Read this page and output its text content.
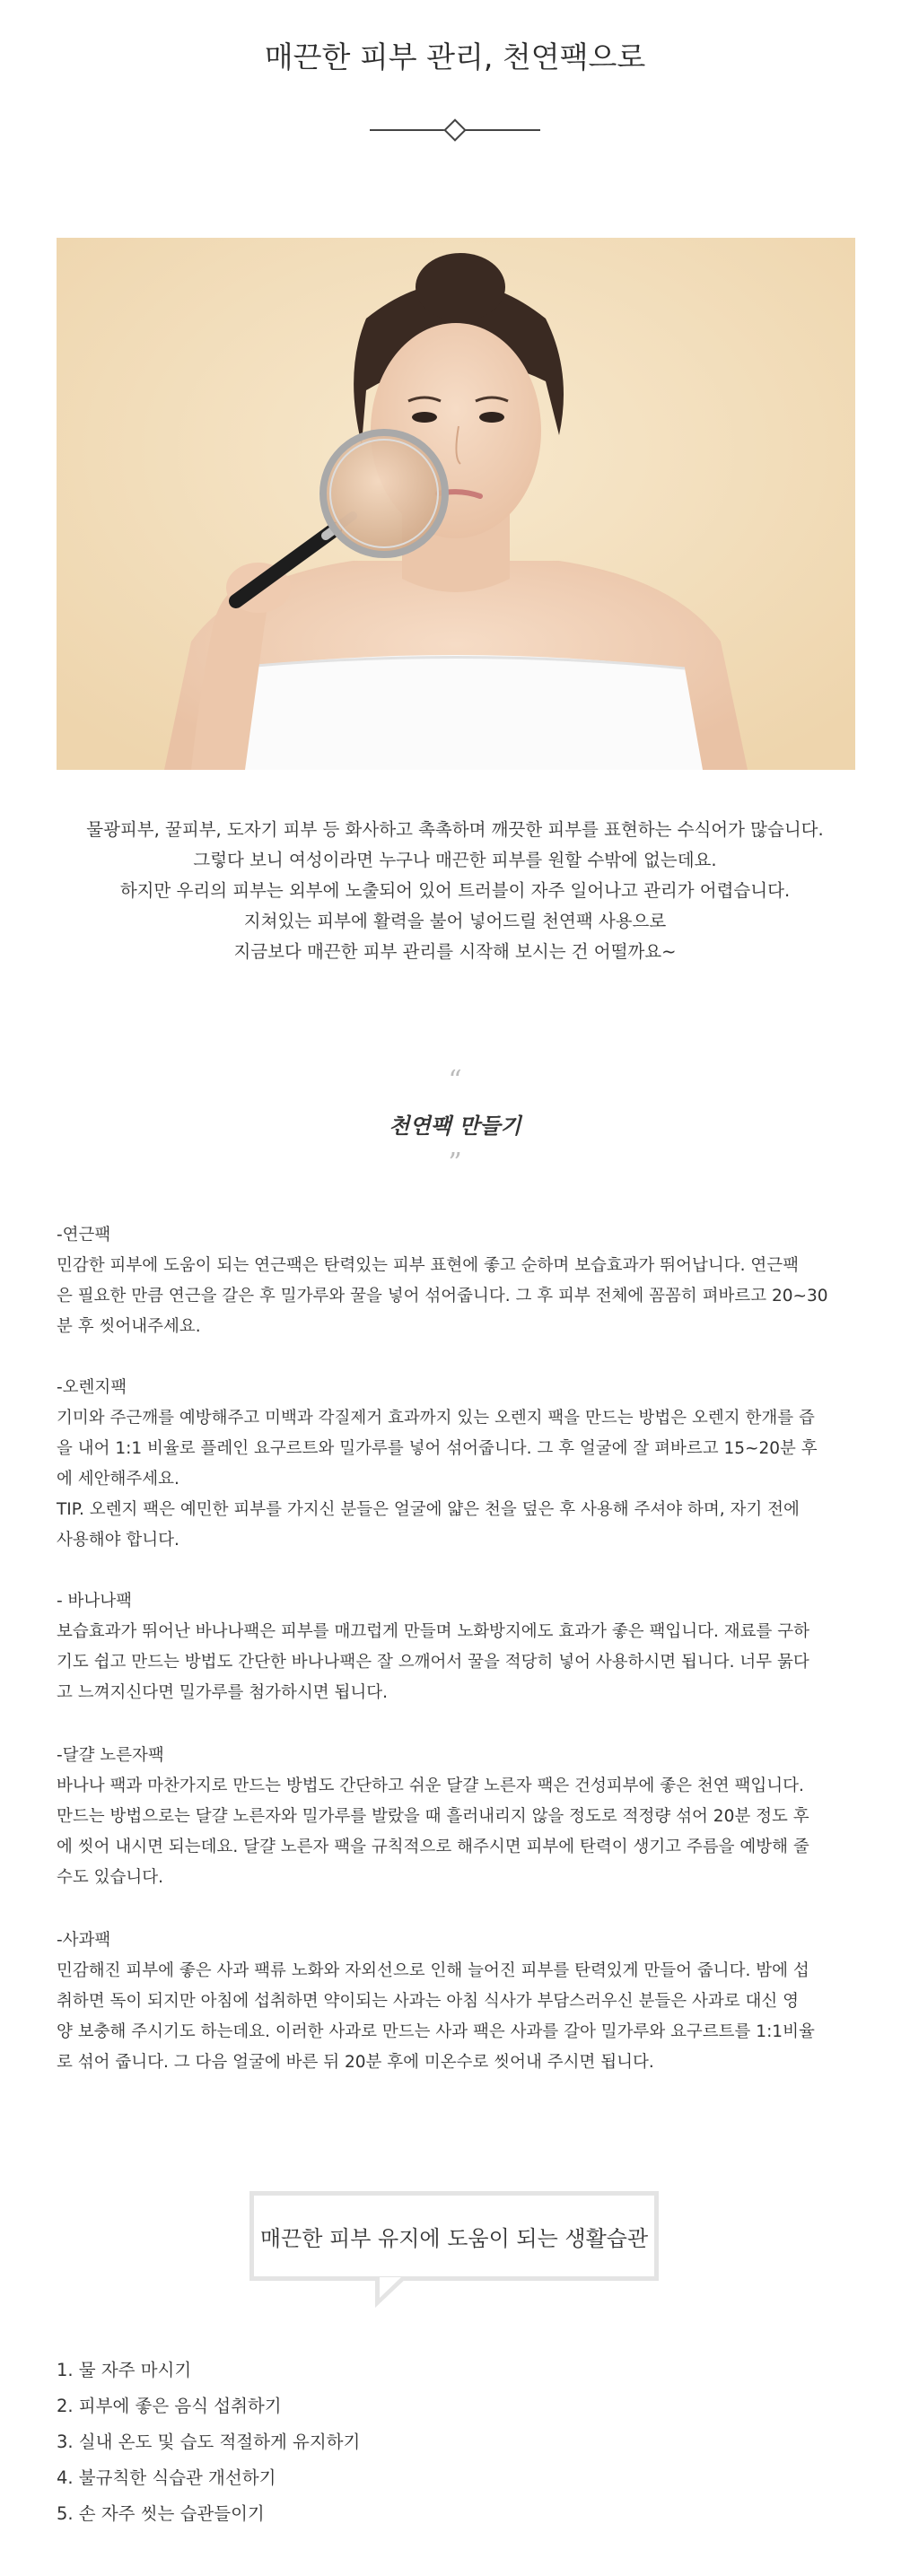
매끈한 피부 관리, 천연팩으로

물광피부, 꿀피부, 도자기 피부 등 화사하고 촉촉하며 깨끗한 피부를 표현하는 수식어가 많습니다.

그렇다 보니 여성이라면 누구나 매끈한 피부를 원할 수밖에 없는데요.

하지만 우리의 피부는 외부에 노출되어 있어 트러블이 자주 일어나고 관리가 어렵습니다.

지쳐있는 피부에 활력을 불어 넣어드릴 천연팩 사용으로

지금보다 매끈한 피부 관리를 시작해 보시는 건 어떨까요~

“
천연팩 만들기
”

-연근팩

민감한 피부에 도움이 되는 연근팩은 탄력있는 피부 표현에 좋고 순하며 보습효과가 뛰어납니다. 연근팩

은 필요한 만큼 연근을 갈은 후 밀가루와 꿀을 넣어 섞어줍니다. 그 후 피부 전체에 꼼꼼히 펴바르고 20~30

분 후 씻어내주세요.

-오렌지팩

기미와 주근깨를 예방해주고 미백과 각질제거 효과까지 있는 오렌지 팩을 만드는 방법은 오렌지 한개를 즙

을 내어 1:1 비율로 플레인 요구르트와 밀가루를 넣어 섞어줍니다. 그 후 얼굴에 잘 펴바르고 15~20분 후

에 세안해주세요.

TIP. 오렌지 팩은 예민한 피부를 가지신 분들은 얼굴에 얇은 천을 덮은 후 사용해 주셔야 하며, 자기 전에

사용해야 합니다.

- 바나나팩

보습효과가 뛰어난 바나나팩은 피부를 매끄럽게 만들며 노화방지에도 효과가 좋은 팩입니다. 재료를 구하

기도 쉽고 만드는 방법도 간단한 바나나팩은 잘 으깨어서 꿀을 적당히 넣어 사용하시면 됩니다. 너무 묽다

고 느껴지신다면 밀가루를 첨가하시면 됩니다.

-달걀 노른자팩

바나나 팩과 마찬가지로 만드는 방법도 간단하고 쉬운 달걀 노른자 팩은 건성피부에 좋은 천연 팩입니다.

만드는 방법으로는 달걀 노른자와 밀가루를 발랐을 때 흘러내리지 않을 정도로 적정량 섞어 20분 정도 후

에 씻어 내시면 되는데요. 달걀 노른자 팩을 규칙적으로 해주시면 피부에 탄력이 생기고 주름을 예방해 줄

수도 있습니다.

-사과팩

민감해진 피부에 좋은 사과 팩류 노화와 자외선으로 인해 늘어진 피부를 탄력있게 만들어 줍니다. 밤에 섭

취하면 독이 되지만 아침에 섭취하면 약이되는 사과는 아침 식사가 부담스러우신 분들은 사과로 대신 영

양 보충해 주시기도 하는데요. 이러한 사과로 만드는 사과 팩은 사과를 갈아 밀가루와 요구르트를 1:1비율

로 섞어 줍니다. 그 다음 얼굴에 바른 뒤 20분 후에 미온수로 씻어내 주시면 됩니다.

매끈한 피부 유지에 도움이 되는 생활습관
1. 물 자주 마시기
2. 피부에 좋은 음식 섭취하기
3. 실내 온도 및 습도 적절하게 유지하기
4. 불규칙한 식습관 개선하기
5. 손 자주 씻는 습관들이기
